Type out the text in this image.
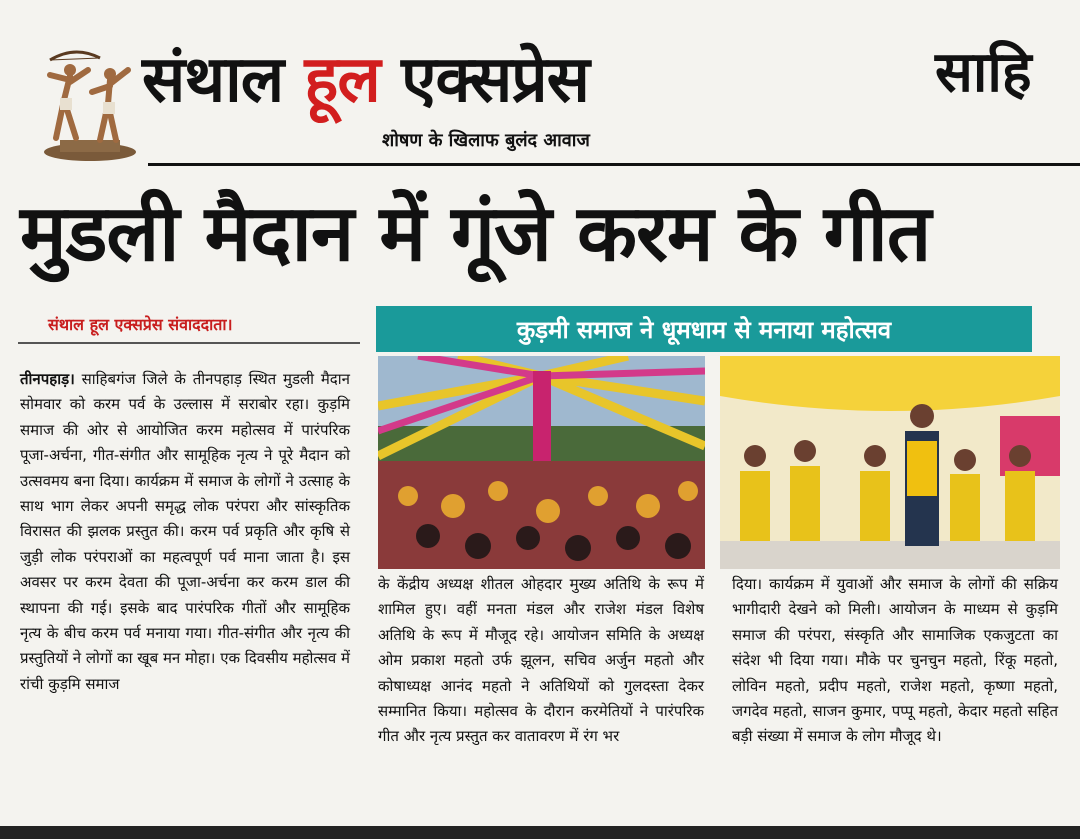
संथाल हूल एक्सप्रेस
शोषण के खिलाफ बुलंद आवाज
साहि
मुडली मैदान में गूंजे करम के गीत
संथाल हूल एक्सप्रेस संवाददाता।	कुड़मी समाज ने धूमधाम से मनाया महोत्सव
तीनपहाड़। साहिबगंज जिले के तीनपहाड़ स्थित मुडली मैदान सोमवार को करम पर्व के उल्लास में सराबोर रहा। कुड़मि समाज की ओर से आयोजित करम महोत्सव में पारंपरिक पूजा-अर्चना, गीत-संगीत और सामूहिक नृत्य ने पूरे मैदान को उत्सवमय बना दिया। कार्यक्रम में समाज के लोगों ने उत्साह के साथ भाग लेकर अपनी समृद्ध लोक परंपरा और सांस्कृतिक विरासत की झलक प्रस्तुत की। करम पर्व प्रकृति और कृषि से जुड़ी लोक परंपराओं का महत्वपूर्ण पर्व माना जाता है। इस अवसर पर करम देवता की पूजा-अर्चना कर करम डाल की स्थापना की गई। इसके बाद पारंपरिक गीतों और सामूहिक नृत्य के बीच करम पर्व मनाया गया। गीत-संगीत और नृत्य की प्रस्तुतियों ने लोगों का खूब मन मोहा। एक दिवसीय महोत्सव में रांची कुड़मि समाज
के केंद्रीय अध्यक्ष शीतल ओहदार मुख्य अतिथि के रूप में शामिल हुए। वहीं मनता मंडल और राजेश मंडल विशेष अतिथि के रूप में मौजूद रहे। आयोजन समिति के अध्यक्ष ओम प्रकाश महतो उर्फ झूलन, सचिव अर्जुन महतो और कोषाध्यक्ष आनंद महतो ने अतिथियों को गुलदस्ता देकर सम्मानित किया। महोत्सव के दौरान करमेतियों ने पारंपरिक गीत और नृत्य प्रस्तुत कर वातावरण में रंग भर
दिया। कार्यक्रम में युवाओं और समाज के लोगों की सक्रिय भागीदारी देखने को मिली। आयोजन के माध्यम से कुड़मि समाज की परंपरा, संस्कृति और सामाजिक एकजुटता का संदेश भी दिया गया। मौके पर चुनचुन महतो, रिंकू महतो, लोविन महतो, प्रदीप महतो, राजेश महतो, कृष्णा महतो, जगदेव महतो, साजन कुमार, पप्पू महतो, केदार महतो सहित बड़ी संख्या में समाज के लोग मौजूद थे।
